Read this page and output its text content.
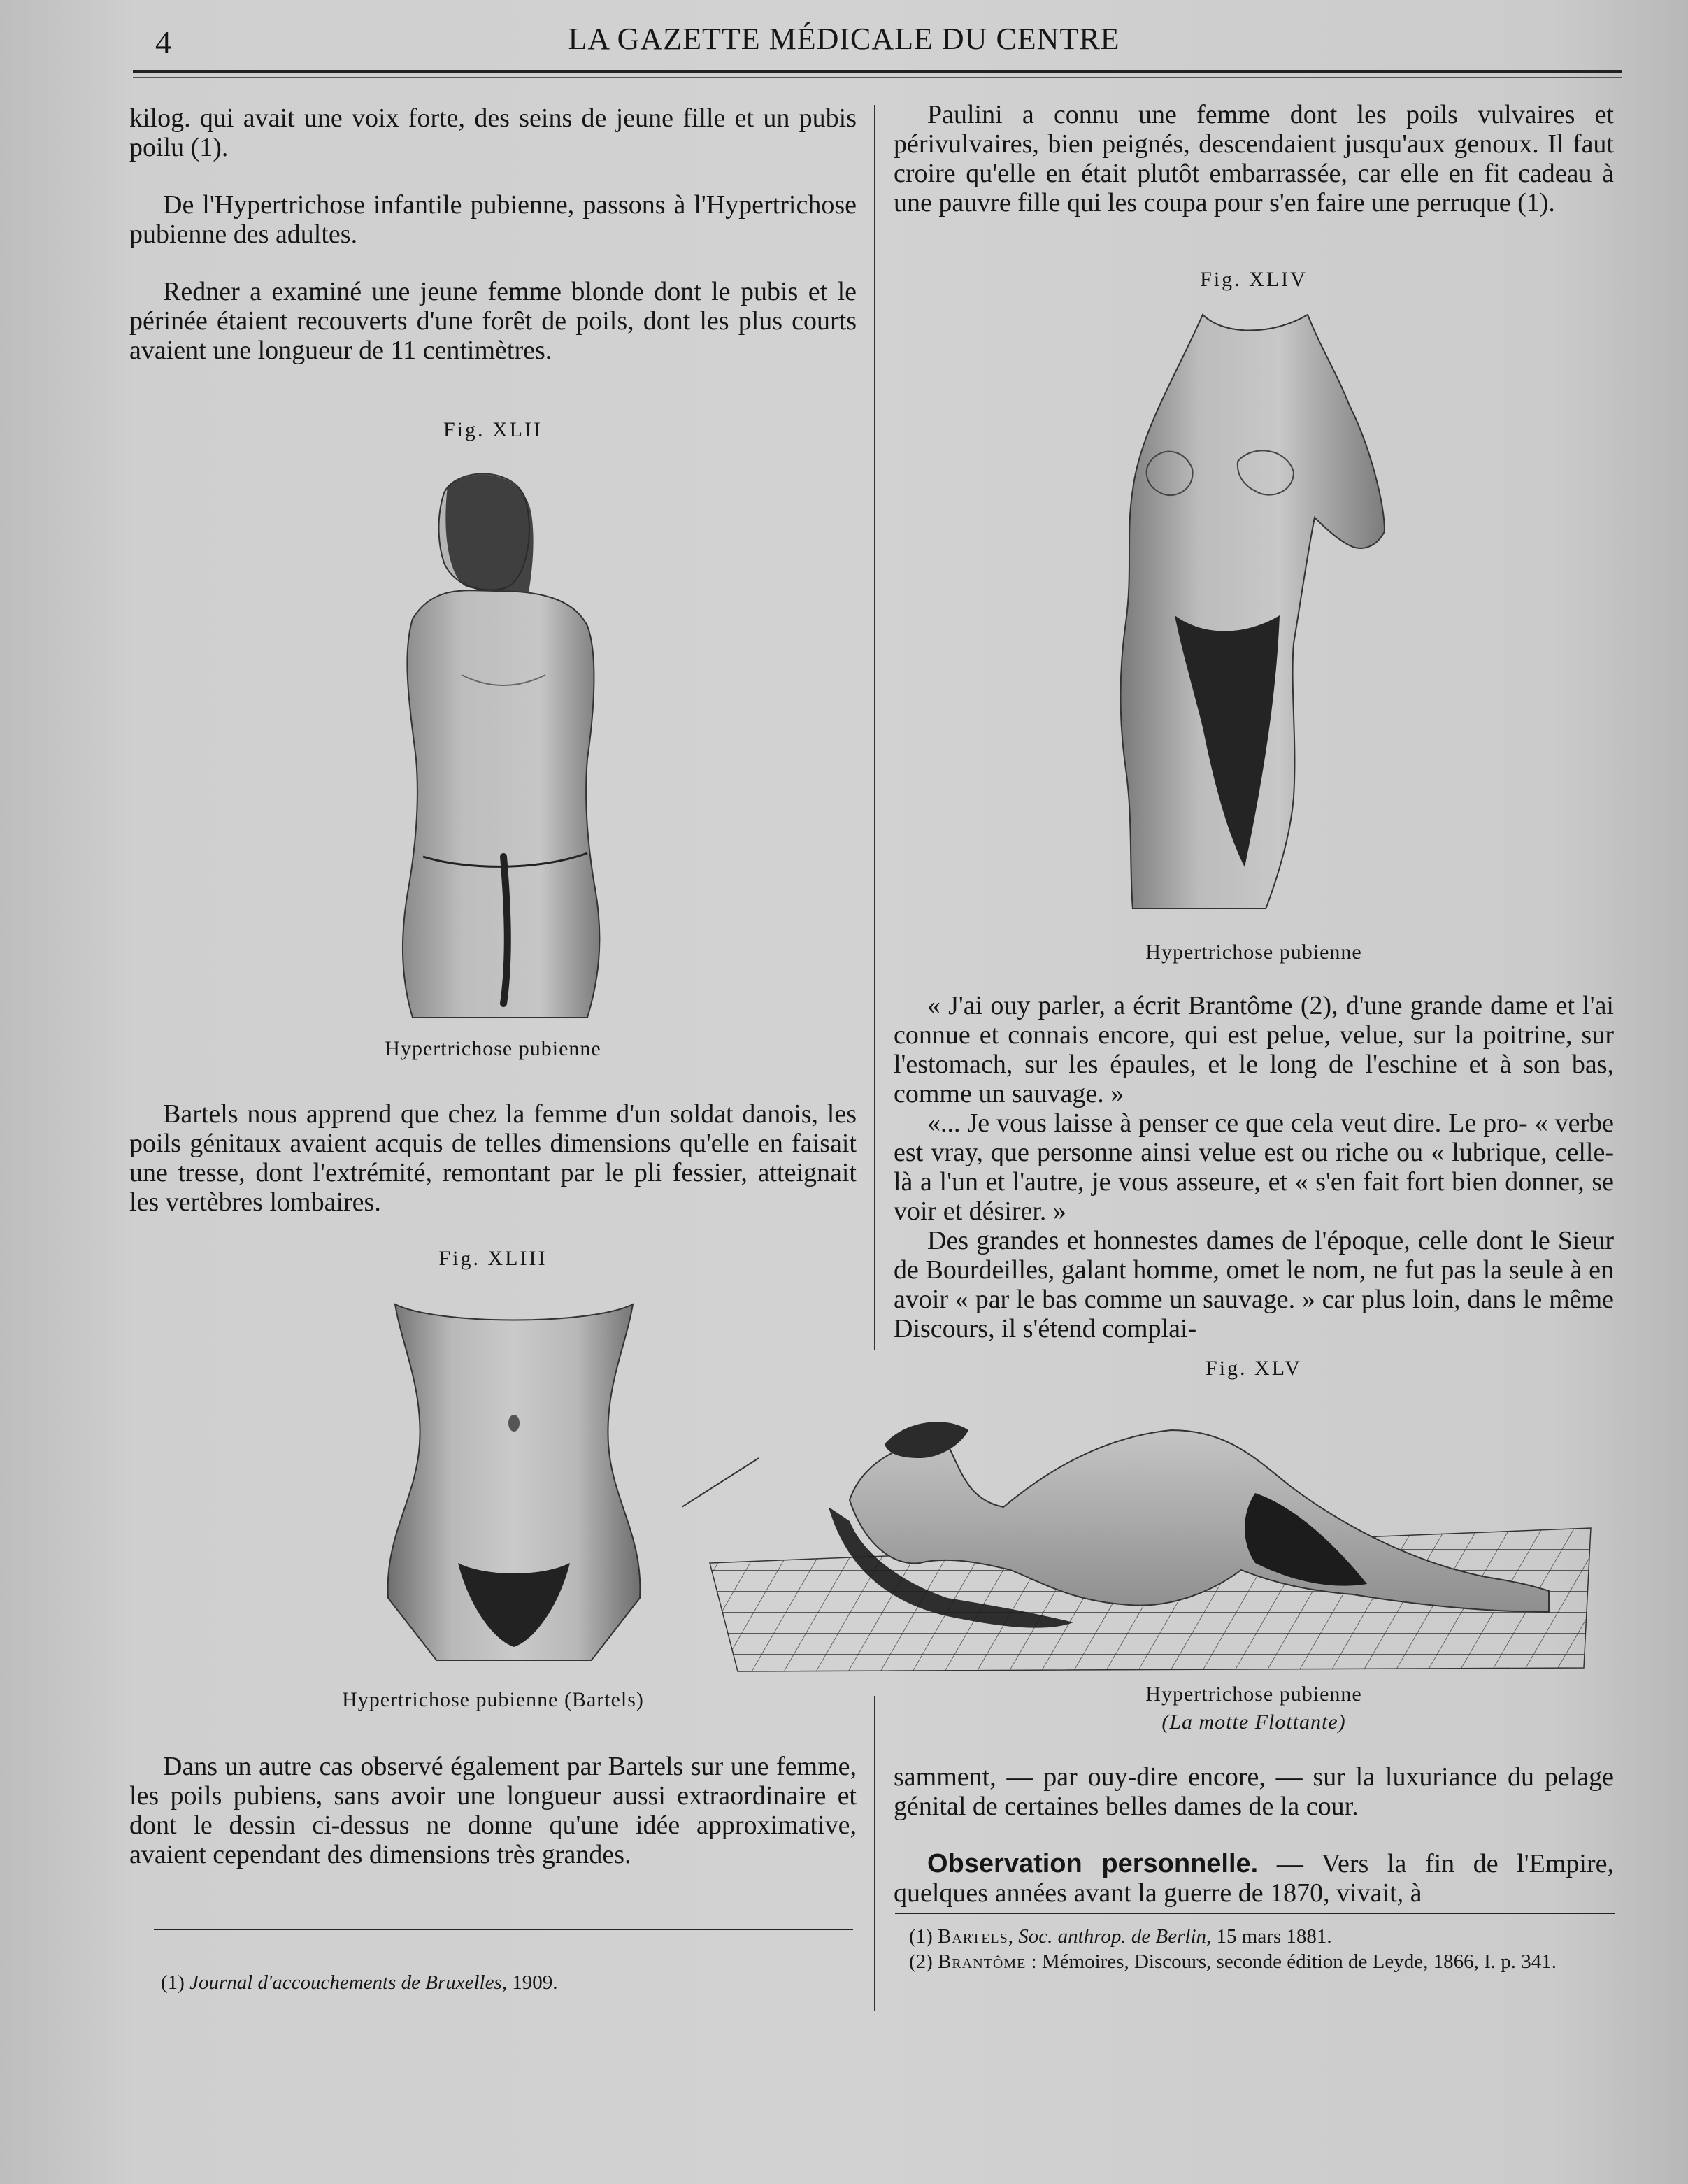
4	LA GAZETTE MÉDICALE DU CENTRE

kilog. qui avait une voix forte, des seins de jeune fille et un pubis poilu (1).

De l'Hypertrichose infantile pubienne, passons à l'Hypertrichose pubienne des adultes.

Redner a examiné une jeune femme blonde dont le pubis et le périnée étaient recouverts d'une forêt de poils, dont les plus courts avaient une longueur de 11 centimètres.

Fig. XLII
Hypertrichose pubienne

Bartels nous apprend que chez la femme d'un soldat danois, les poils génitaux avaient acquis de telles dimensions qu'elle en faisait une tresse, dont l'extrémité, remontant par le pli fessier, atteignait les vertèbres lombaires.

Fig. XLIII
Hypertrichose pubienne (Bartels)

Dans un autre cas observé également par Bartels sur une femme, les poils pubiens, sans avoir une longueur aussi extraordinaire et dont le dessin ci-dessus ne donne qu'une idée approximative, avaient cependant des dimensions très grandes.

(1) Journal d'accouchements de Bruxelles, 1909.

Paulini a connu une femme dont les poils vulvaires et périvulvaires, bien peignés, descendaient jusqu'aux genoux. Il faut croire qu'elle en était plutôt embarrassée, car elle en fit cadeau à une pauvre fille qui les coupa pour s'en faire une perruque (1).

Fig. XLIV
Hypertrichose pubienne

« J'ai ouy parler, a écrit Brantôme (2), d'une grande dame et l'ai connue et connais encore, qui est pelue, velue, sur la poitrine, sur l'estomach, sur les épaules, et le long de l'eschine et à son bas, comme un sauvage. »

«... Je vous laisse à penser ce que cela veut dire. Le pro- « verbe est vray, que personne ainsi velue est ou riche ou « lubrique, celle-là a l'un et l'autre, je vous asseure, et « s'en fait fort bien donner, se voir et désirer. »

Des grandes et honnestes dames de l'époque, celle dont le Sieur de Bourdeilles, galant homme, omet le nom, ne fut pas la seule à en avoir « par le bas comme un sauvage. » car plus loin, dans le même Discours, il s'étend complai-

Fig. XLV
Hypertrichose pubienne
(La motte Flottante)

samment, — par ouy-dire encore, — sur la luxuriance du pelage génital de certaines belles dames de la cour.

Observation personnelle. — Vers la fin de l'Empire, quelques années avant la guerre de 1870, vivait, à

(1) Bartels, Soc. anthrop. de Berlin, 15 mars 1881.
(2) Brantôme : Mémoires, Discours, seconde édition de Leyde, 1866, I. p. 341.
